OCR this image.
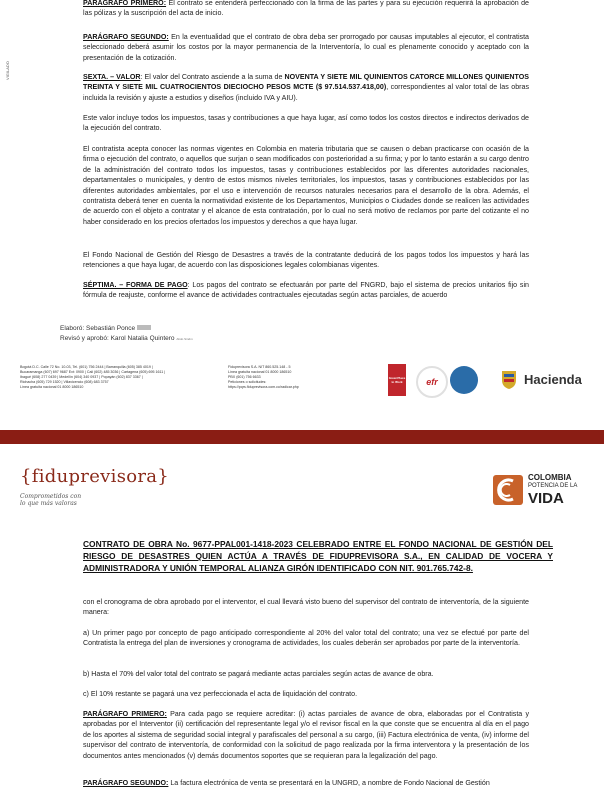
VIGILADO

PARÁGRAFO PRIMERO: El contrato se entenderá perfeccionado con la firma de las partes y para su ejecución requerirá la aprobación de las pólizas y la suscripción del acta de inicio.

PARÁGRAFO SEGUNDO: En la eventualidad que el contrato de obra deba ser prorrogado por causas imputables al ejecutor, el contratista seleccionado deberá asumir los costos por la mayor permanencia de la Interventoría, lo cual es plenamente conocido y aceptado con la presentación de la cotización.

SEXTA. – VALOR: El valor del Contrato asciende a la suma de NOVENTA Y SIETE MIL QUINIENTOS CATORCE MILLONES QUINIENTOS TREINTA Y SIETE MIL CUATROCIENTOS DIECIOCHO PESOS MCTE ($ 97.514.537.418,00), correspondientes al valor total de las obras incluida la revisión y ajuste a estudios y diseños (incluido IVA y AIU).

Este valor incluye todos los impuestos, tasas y contribuciones a que haya lugar, así como todos los costos directos e indirectos derivados de la ejecución del contrato.

El contratista acepta conocer las normas vigentes en Colombia en materia tributaria que se causen o deban practicarse con ocasión de la firma o ejecución del contrato, o aquellos que surjan o sean modificados con posterioridad a su firma; y por lo tanto estarán a su cargo dentro de la administración del contrato todos los impuestos, tasas y contribuciones establecidos por las diferentes autoridades nacionales, departamentales o municipales, y dentro de estos mismos niveles territoriales, los impuestos, tasas y contribuciones establecidos por las diferentes autoridades ambientales, por el uso e intervención de recursos naturales necesarios para el desarrollo de la obra. Además, el contratista deberá tener en cuenta la normatividad existente de los Departamentos, Municipios o Ciudades donde se realicen las actividades de acuerdo con el objeto a contratar y el alcance de esta contratación, por lo cual no será motivo de reclamos por parte del cotizante el no haber considerado en los precios ofertados los impuestos y derechos a que haya lugar.

El Fondo Nacional de Gestión del Riesgo de Desastres a través de la contratante deducirá de los pagos todos los impuestos y hará las retenciones a que haya lugar, de acuerdo con las disposiciones legales colombianas vigentes.

SÉPTIMA. – FORMA DE PAGO: Los pagos del contrato se efectuarán por parte del FNGRD, bajo el sistema de precios unitarios fijo sin fórmula de reajuste, conforme el avance de actividades contractuales ejecutadas según actas parciales, de acuerdo

Elaboró: Sebastián Ponce
Revisó y aprobó: Karol Natalia Quintero Abdo Sindm
Bogotá D.C. Calle 72 No. 10-03, Tel. (601) 756 2444 | Barranquilla (605) 385 4019 |
Bucaramanga (607) 697 9687 Ext: 0900 | Cali (602) 485 3036 | Cartagena (605) 695 1611 |
Ibagué (608) 277 0439 | Medellín (604) 340 0937 | Popayán (602) 837 3367 |
Riohacha (605) 729 1520 | Villavicencio (608) 683 3757
Línea gratuita nacional 01 8000 186510
Fiduprevisora S.A. NIT 860.525.148 - 5
Línea gratuita nacional 01 8000 186510
PBX (601) 756 6633
Peticiones o solicitudes:
https://pqrs.fiduprevisora.com.co/radicar.php
Great Place to Work	efr	Hacienda
{fiduprevisora}
Comprometidos con
lo que más valoras
COLOMBIA
POTENCIA DE LA
VIDA
CONTRATO DE OBRA No. 9677-PPAL001-1418-2023 CELEBRADO ENTRE EL FONDO NACIONAL DE GESTIÓN DEL RIESGO DE DESASTRES QUIEN ACTÚA A TRAVÉS DE FIDUPREVISORA S.A., EN CALIDAD DE VOCERA Y ADMINISTRADORA Y UNIÓN TEMPORAL ALIANZA GIRÓN IDENTIFICADO CON NIT. 901.765.742-8.

con el cronograma de obra aprobado por el interventor, el cual llevará visto bueno del supervisor del contrato de interventoría, de la siguiente manera:

a) Un primer pago por concepto de pago anticipado correspondiente al 20% del valor total del contrato; una vez se efectué por parte del Contratista la entrega del plan de inversiones y cronograma de actividades, los cuales deberán ser aprobados por parte de la interventoría.

b) Hasta el 70% del valor total del contrato se pagará mediante actas parciales según actas de avance de obra.

c) El 10% restante se pagará una vez perfeccionada el acta de liquidación del contrato.

PARÁGRAFO PRIMERO: Para cada pago se requiere acreditar: (i) actas parciales de avance de obra, elaboradas por el Contratista y aprobadas por el Interventor (ii) certificación del representante legal y/o el revisor fiscal en la que conste que se encuentra al día en el pago de los aportes al sistema de seguridad social integral y parafiscales del personal a su cargo, (iii) Factura electrónica de venta, (iv) informe del supervisor del contrato de interventoría, de conformidad con la solicitud de pago realizada por la firma interventora y la presentación de los documentos antes mencionados (v) demás documentos soportes que se requieran para la legalización del pago.

PARÁGRAFO SEGUNDO: La factura electrónica de venta se presentará en la UNGRD, a nombre de Fondo Nacional de Gestión
